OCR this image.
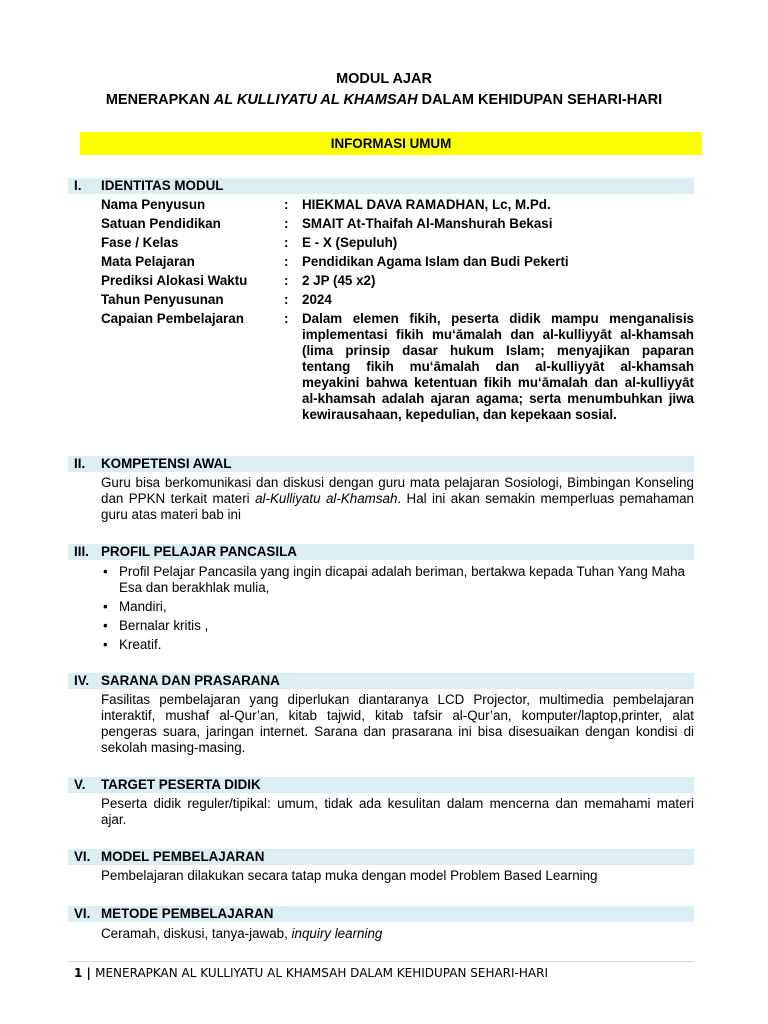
MODUL AJAR
MENERAPKAN AL KULLIYATU AL KHAMSAH DALAM KEHIDUPAN SEHARI-HARI
INFORMASI UMUM
I. IDENTITAS MODUL
Nama Penyusun	: HIEKMAL DAVA RAMADHAN, Lc, M.Pd.
Satuan Pendidikan	: SMAIT At-Thaifah Al-Manshurah Bekasi
Fase / Kelas	: E - X (Sepuluh)
Mata Pelajaran	: Pendidikan Agama Islam dan Budi Pekerti
Prediksi Alokasi Waktu	: 2 JP (45 x2)
Tahun Penyusunan	: 2024
Capaian Pembelajaran	: Dalam elemen fikih, peserta didik mampu menganalisis implementasi fikih mu‘āmalah dan al-kulliyyāt al-khamsah (lima prinsip dasar hukum Islam; menyajikan paparan tentang fikih mu‘āmalah dan al-kulliyyāt al-khamsah meyakini bahwa ketentuan fikih mu‘āmalah dan al-kulliyyāt al-khamsah adalah ajaran agama; serta menumbuhkan jiwa kewirausahaan, kepedulian, dan kepekaan sosial.
II. KOMPETENSI AWAL
Guru bisa berkomunikasi dan diskusi dengan guru mata pelajaran Sosiologi, Bimbingan Konseling dan PPKN terkait materi al-Kulliyatu al-Khamsah. Hal ini akan semakin memperluas pemahaman guru atas materi bab ini
III. PROFIL PELAJAR PANCASILA
• Profil Pelajar Pancasila yang ingin dicapai adalah beriman, bertakwa kepada Tuhan Yang Maha Esa dan berakhlak mulia,
• Mandiri,
• Bernalar kritis ,
• Kreatif.
IV. SARANA DAN PRASARANA
Fasilitas pembelajaran yang diperlukan diantaranya LCD Projector, multimedia pembelajaran interaktif, mushaf al-Qur’an, kitab tajwid, kitab tafsir al-Qur’an, komputer/laptop,printer, alat pengeras suara, jaringan internet. Sarana dan prasarana ini bisa disesuaikan dengan kondisi di sekolah masing-masing.
V. TARGET PESERTA DIDIK
Peserta didik reguler/tipikal: umum, tidak ada kesulitan dalam mencerna dan memahami materi ajar.
VI. MODEL PEMBELAJARAN
Pembelajaran dilakukan secara tatap muka dengan model Problem Based Learning
VI. METODE PEMBELAJARAN
Ceramah, diskusi, tanya-jawab, inquiry learning
1 | MENERAPKAN AL KULLIYATU AL KHAMSAH DALAM KEHIDUPAN SEHARI-HARI
